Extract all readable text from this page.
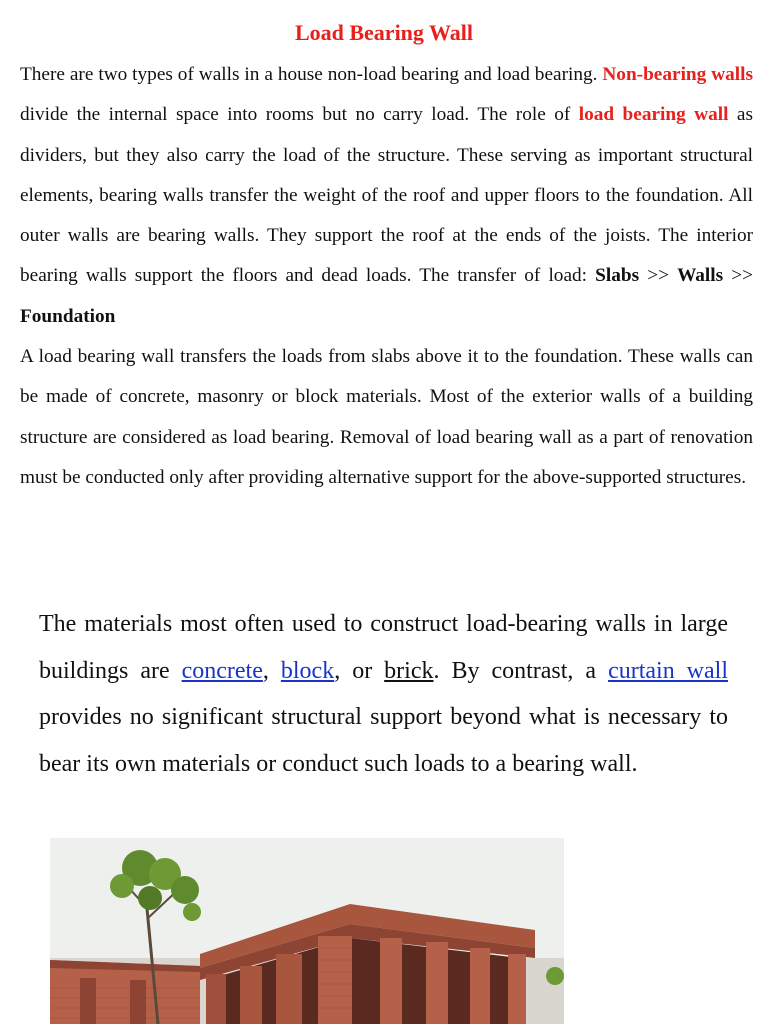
Load Bearing Wall
There are two types of walls in a house non-load bearing and load bearing. Non-bearing walls divide the internal space into rooms but no carry load. The role of load bearing wall as dividers, but they also carry the load of the structure. These serving as important structural elements, bearing walls transfer the weight of the roof and upper floors to the foundation. All outer walls are bearing walls. They support the roof at the ends of the joists. The interior bearing walls support the floors and dead loads. The transfer of load: Slabs >> Walls >> Foundation

A load bearing wall transfers the loads from slabs above it to the foundation. These walls can be made of concrete, masonry or block materials. Most of the exterior walls of a building structure are considered as load bearing. Removal of load bearing wall as a part of renovation must be conducted only after providing alternative support for the above-supported structures.

The materials most often used to construct load-bearing walls in large buildings are concrete, block, or brick. By contrast, a curtain wall provides no significant structural support beyond what is necessary to bear its own materials or conduct such loads to a bearing wall.
